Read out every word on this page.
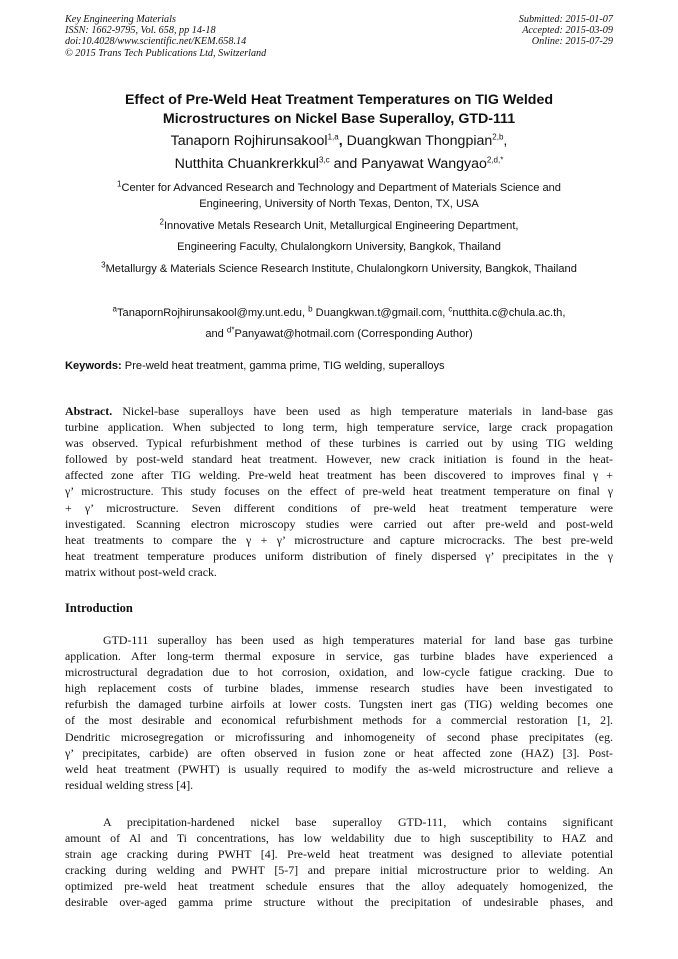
Key Engineering Materials
ISSN: 1662-9795, Vol. 658, pp 14-18
doi:10.4028/www.scientific.net/KEM.658.14
© 2015 Trans Tech Publications Ltd, Switzerland
Submitted: 2015-01-07
Accepted: 2015-03-09
Online: 2015-07-29
Effect of Pre-Weld Heat Treatment Temperatures on TIG Welded
Microstructures on Nickel Base Superalloy, GTD-111
Tanaporn Rojhirunsakool$^{1,a}$, Duangkwan Thongpian$^{2,b}$,
Nutthita Chuankrerkkul$^{3,c}$ and Panyawat Wangyao$^{2,d,*}$
$^1$Center for Advanced Research and Technology and Department of Materials Science and
Engineering, University of North Texas, Denton, TX, USA
$^2$Innovative Metals Research Unit, Metallurgical Engineering Department,
Engineering Faculty, Chulalongkorn University, Bangkok, Thailand
$^3$Metallurgy & Materials Science Research Institute, Chulalongkorn University, Bangkok, Thailand
$^a$TanapornRojhirunsakool@my.unt.edu, $^b$ Duangkwan.t@gmail.com, $^c$nutthita.c@chula.ac.th,
and $^{d*}$Panyawat@hotmail.com (Corresponding Author)
Keywords: Pre-weld heat treatment, gamma prime, TIG welding, superalloys
Abstract. Nickel-base superalloys have been used as high temperature materials in land-base gas
turbine application. When subjected to long term, high temperature service, large crack propagation
was observed. Typical refurbishment method of these turbines is carried out by using TIG welding
followed by post-weld standard heat treatment. However, new crack initiation is found in the heat-
affected zone after TIG welding. Pre-weld heat treatment has been discovered to improves final γ +
γ’ microstructure. This study focuses on the effect of pre-weld heat treatment temperature on final γ
+ γ’ microstructure. Seven different conditions of pre-weld heat treatment temperature were
investigated. Scanning electron microscopy studies were carried out after pre-weld and post-weld
heat treatments to compare the γ + γ’ microstructure and capture microcracks. The best pre-weld
heat treatment temperature produces uniform distribution of finely dispersed γ’ precipitates in the γ
matrix without post-weld crack.
Introduction
GTD-111 superalloy has been used as high temperatures material for land base gas turbine
application. After long-term thermal exposure in service, gas turbine blades have experienced a
microstructural degradation due to hot corrosion, oxidation, and low-cycle fatigue cracking. Due to
high replacement costs of turbine blades, immense research studies have been investigated to
refurbish the damaged turbine airfoils at lower costs. Tungsten inert gas (TIG) welding becomes one
of the most desirable and economical refurbishment methods for a commercial restoration [1, 2].
Dendritic microsegregation or microfissuring and inhomogeneity of second phase precipitates (eg.
γ’ precipitates, carbide) are often observed in fusion zone or heat affected zone (HAZ) [3]. Post-
weld heat treatment (PWHT) is usually required to modify the as-weld microstructure and relieve a
residual welding stress [4].
A precipitation-hardened nickel base superalloy GTD-111, which contains significant
amount of Al and Ti concentrations, has low weldability due to high susceptibility to HAZ and
strain age cracking during PWHT [4]. Pre-weld heat treatment was designed to alleviate potential
cracking during welding and PWHT [5-7] and prepare initial microstructure prior to welding. An
optimized pre-weld heat treatment schedule ensures that the alloy adequately homogenized, the
desirable over-aged gamma prime structure without the precipitation of undesirable phases, and
